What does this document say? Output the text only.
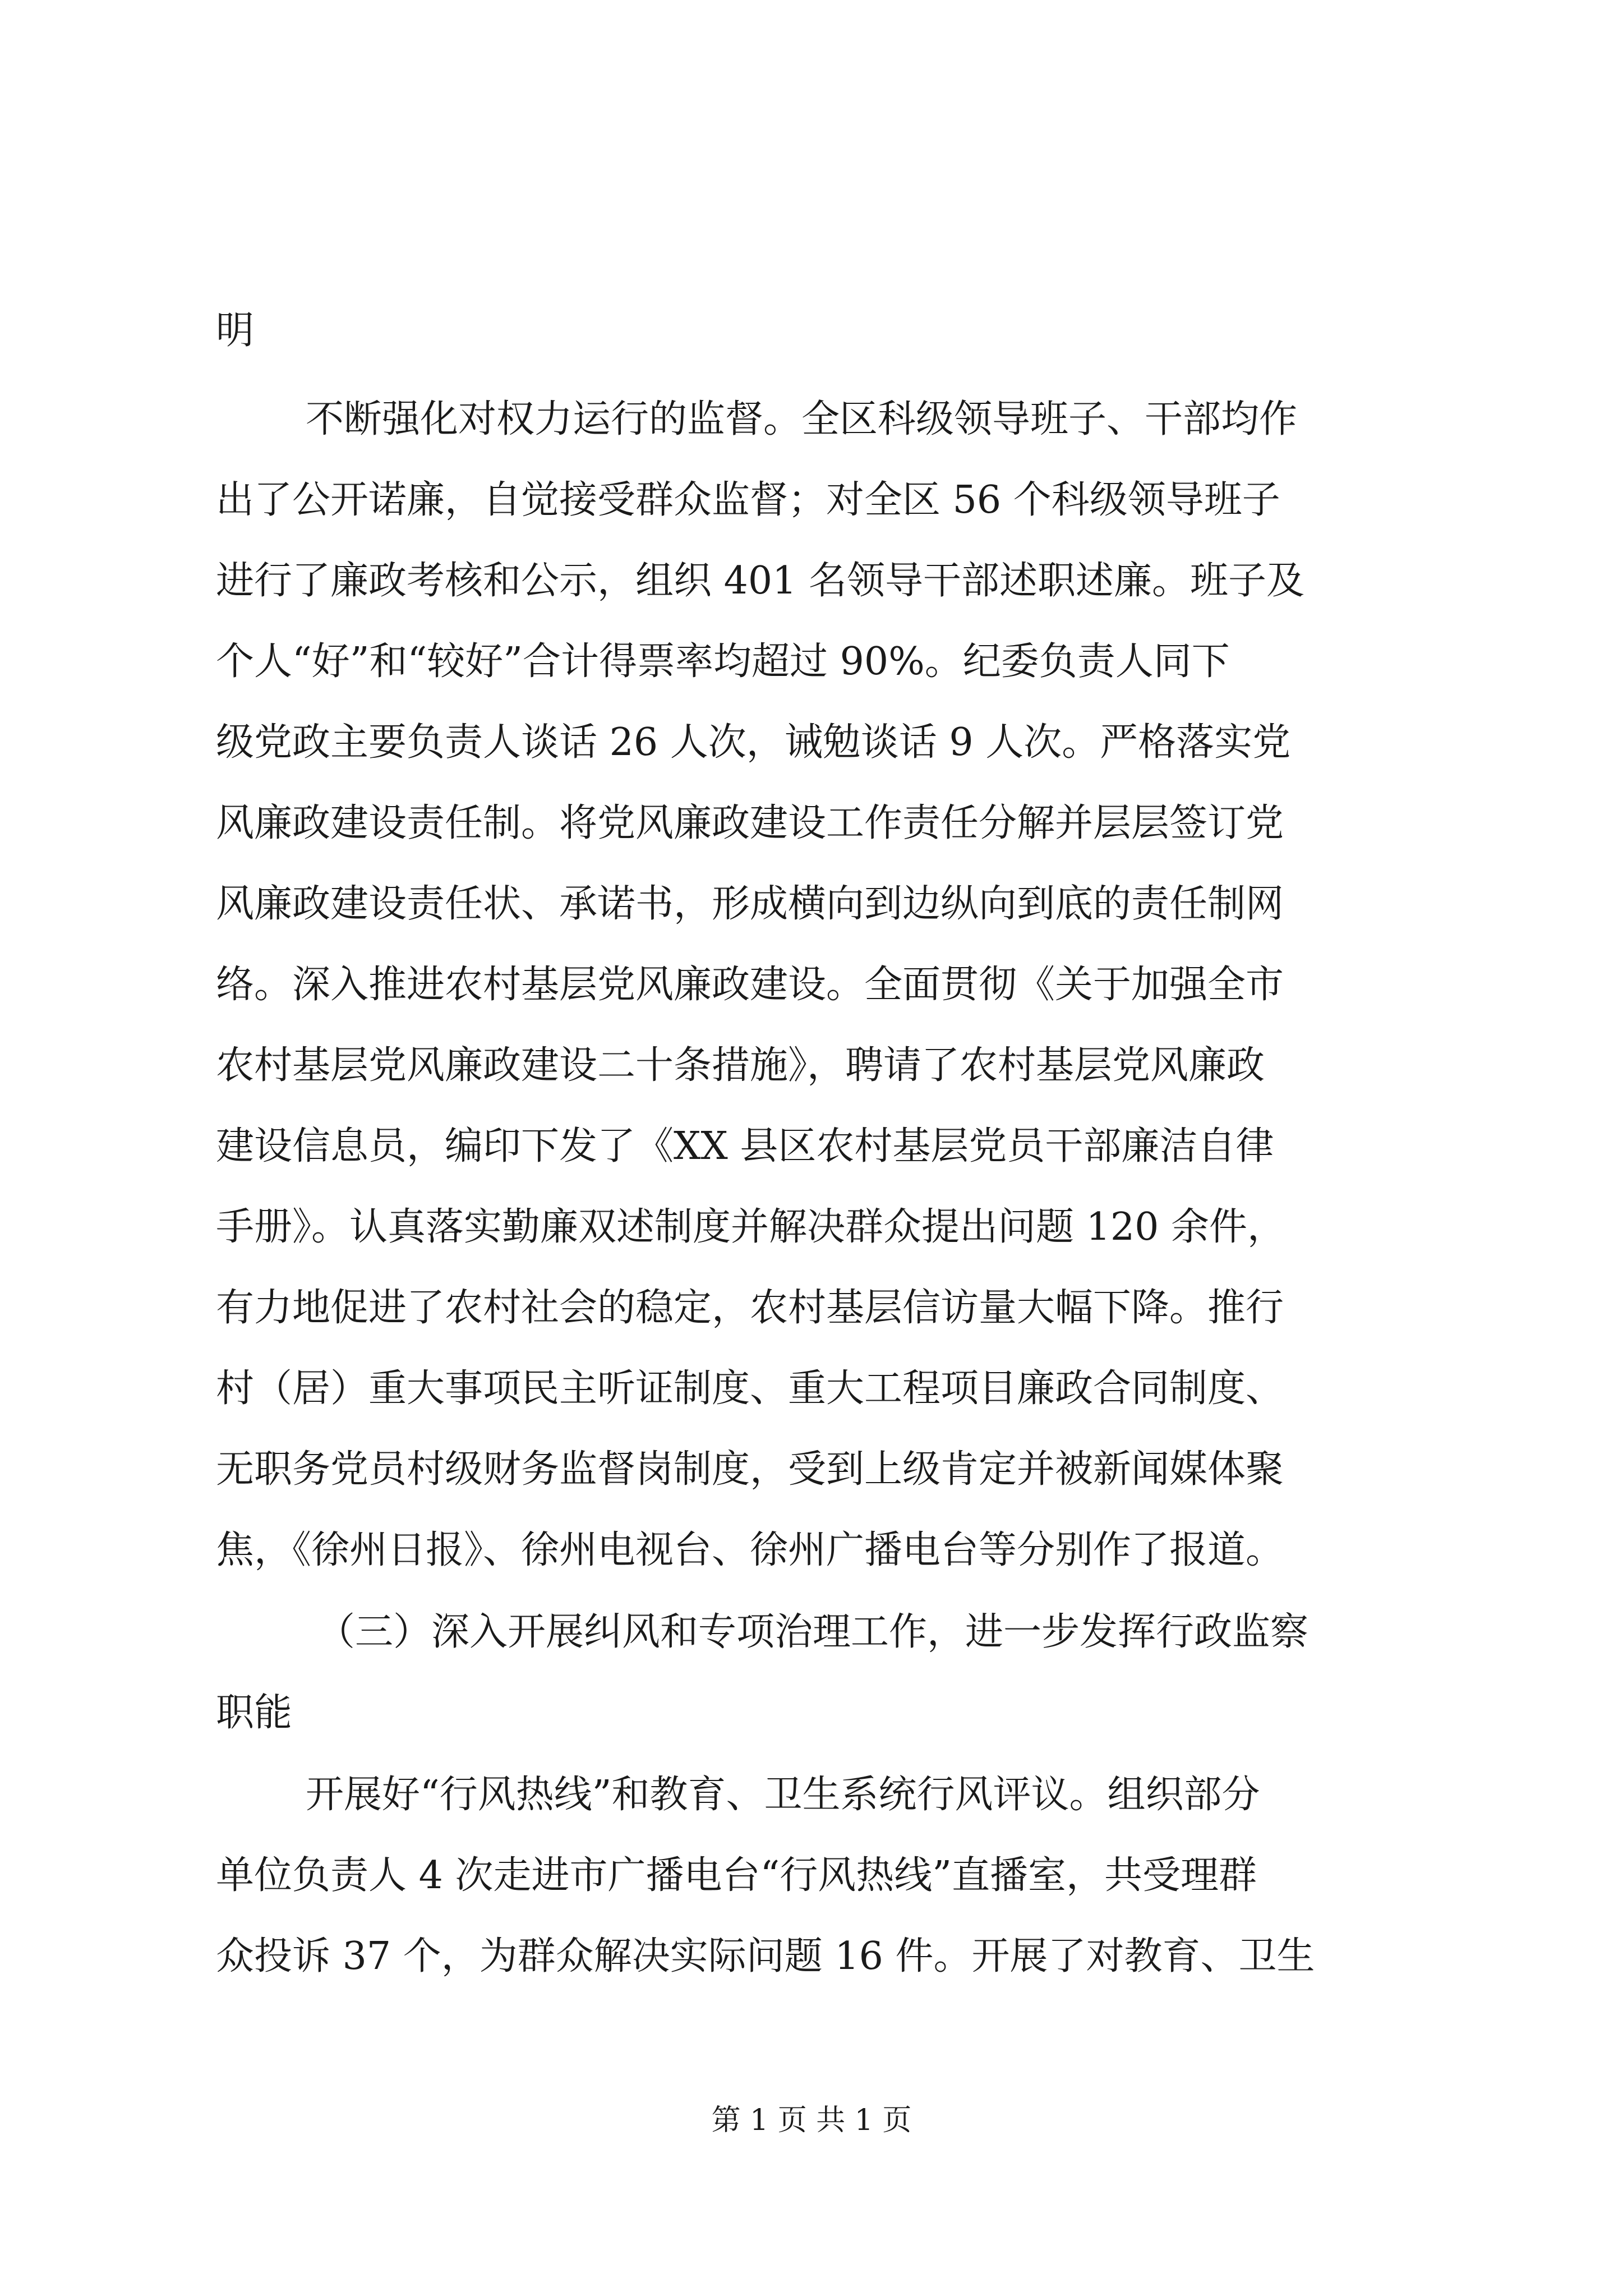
明
不断强化对权力运行的监督。全区科级领导班子、干部均作
出了公开诺廉，自觉接受群众监督；对全区 56 个科级领导班子
进行了廉政考核和公示，组织 401 名领导干部述职述廉。班子及
个人“好”和“较好”合计得票率均超过 90%。纪委负责人同下
级党政主要负责人谈话 26 人次，诫勉谈话 9 人次。严格落实党
风廉政建设责任制。将党风廉政建设工作责任分解并层层签订党
风廉政建设责任状、承诺书，形成横向到边纵向到底的责任制网
络。深入推进农村基层党风廉政建设。全面贯彻《关于加强全市
农村基层党风廉政建设二十条措施》，聘请了农村基层党风廉政
建设信息员，编印下发了《XX 县区农村基层党员干部廉洁自律
手册》。认真落实勤廉双述制度并解决群众提出问题 120 余件，
有力地促进了农村社会的稳定，农村基层信访量大幅下降。推行
村（居）重大事项民主听证制度、重大工程项目廉政合同制度、
无职务党员村级财务监督岗制度，受到上级肯定并被新闻媒体聚
焦，《徐州日报》、徐州电视台、徐州广播电台等分别作了报道。
（三）深入开展纠风和专项治理工作，进一步发挥行政监察
职能
开展好“行风热线”和教育、卫生系统行风评议。组织部分
单位负责人 4 次走进市广播电台“行风热线”直播室，共受理群
众投诉 37 个，为群众解决实际问题 16 件。开展了对教育、卫生
第 1 页 共 1 页
